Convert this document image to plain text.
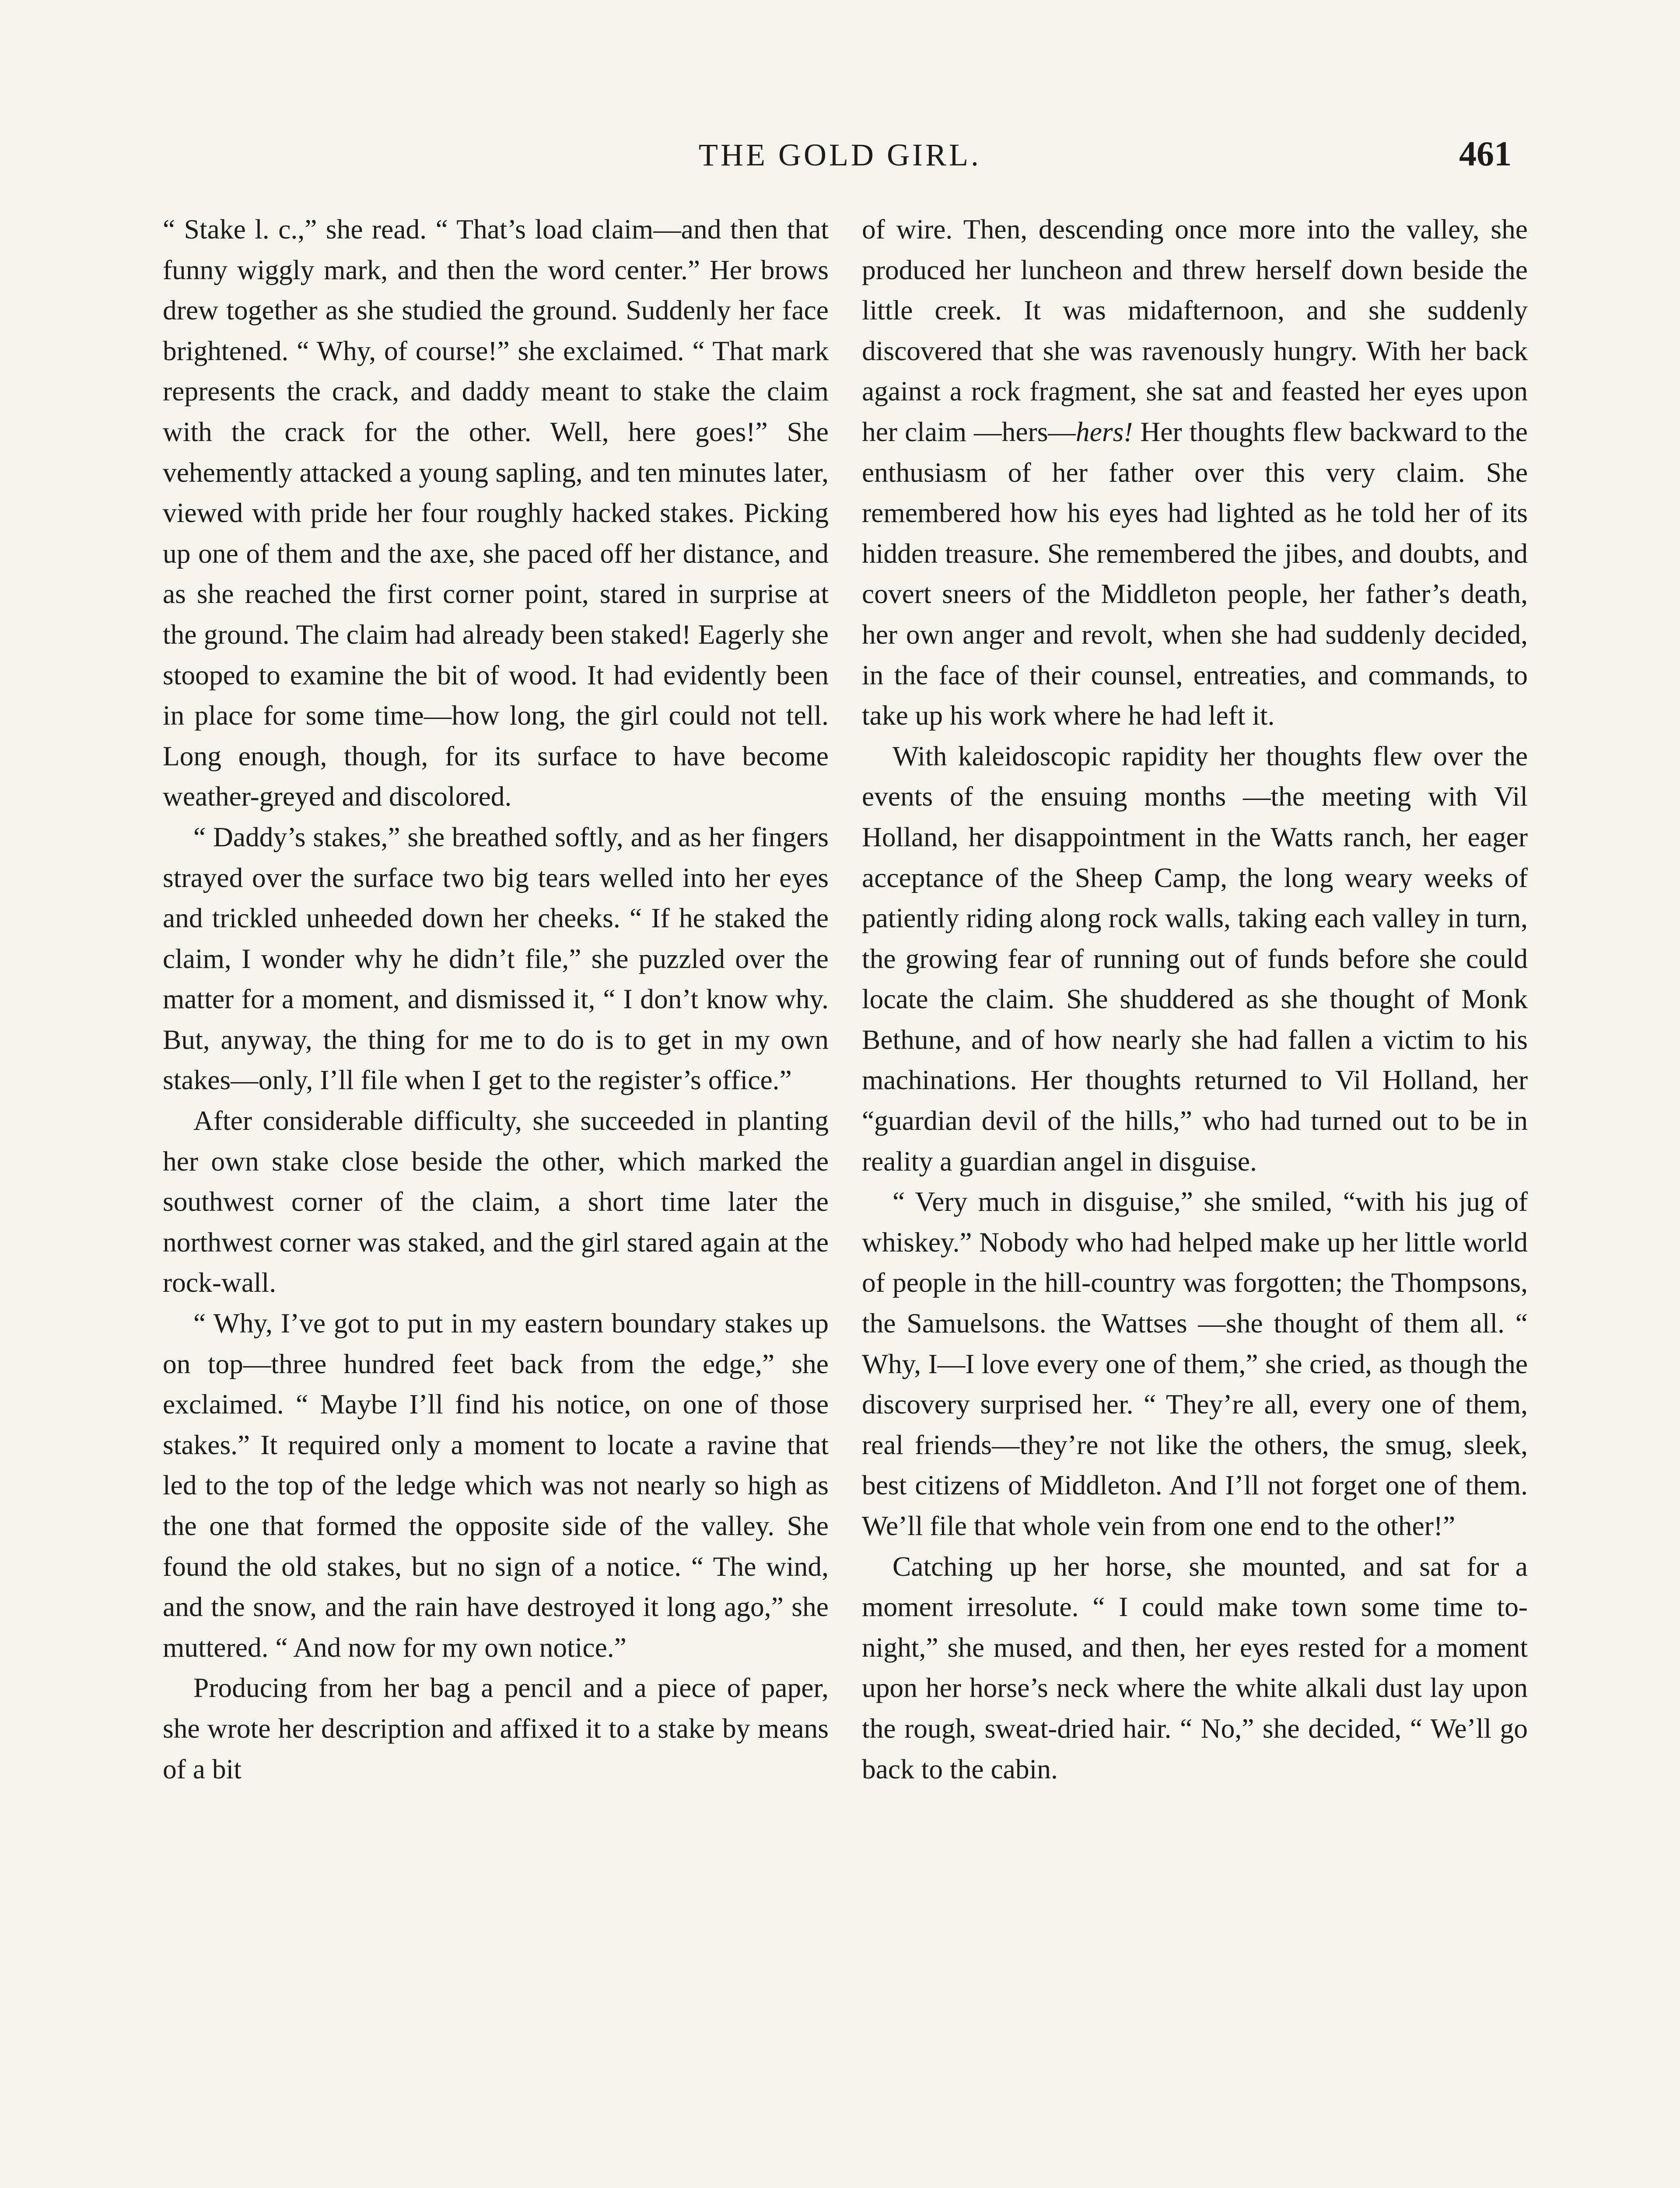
THE GOLD GIRL.	461

“ Stake l. c.,” she read. “ That’s load claim—and then that funny wiggly mark, and then the word center.” Her brows drew together as she studied the ground. Suddenly her face brightened. “ Why, of course!” she exclaimed. “ That mark represents the crack, and daddy meant to stake the claim with the crack for the other. Well, here goes!” She vehemently attacked a young sapling, and ten minutes later, viewed with pride her four roughly hacked stakes. Picking up one of them and the axe, she paced off her distance, and as she reached the first corner point, stared in surprise at the ground. The claim had already been staked! Eagerly she stooped to examine the bit of wood. It had evidently been in place for some time—how long, the girl could not tell. Long enough, though, for its surface to have become weather-greyed and discolored.

“ Daddy’s stakes,” she breathed softly, and as her fingers strayed over the surface two big tears welled into her eyes and trickled unheeded down her cheeks. “ If he staked the claim, I wonder why he didn’t file,” she puzzled over the matter for a moment, and dismissed it, “ I don’t know why. But, anyway, the thing for me to do is to get in my own stakes—only, I’ll file when I get to the register’s office.”

After considerable difficulty, she succeeded in planting her own stake close beside the other, which marked the southwest corner of the claim, a short time later the northwest corner was staked, and the girl stared again at the rock-wall.

“ Why, I’ve got to put in my eastern boundary stakes up on top—three hundred feet back from the edge,” she exclaimed. “ Maybe I’ll find his notice, on one of those stakes.” It required only a moment to locate a ravine that led to the top of the ledge which was not nearly so high as the one that formed the opposite side of the valley. She found the old stakes, but no sign of a notice. “ The wind, and the snow, and the rain have destroyed it long ago,” she muttered. “ And now for my own notice.”

Producing from her bag a pencil and a piece of paper, she wrote her description and affixed it to a stake by means of a bit

of wire. Then, descending once more into the valley, she produced her luncheon and threw herself down beside the little creek. It was midafternoon, and she suddenly discovered that she was ravenously hungry. With her back against a rock fragment, she sat and feasted her eyes upon her claim —hers—hers! Her thoughts flew backward to the enthusiasm of her father over this very claim. She remembered how his eyes had lighted as he told her of its hidden treasure. She remembered the jibes, and doubts, and covert sneers of the Middleton people, her father’s death, her own anger and revolt, when she had suddenly decided, in the face of their counsel, entreaties, and commands, to take up his work where he had left it.

With kaleidoscopic rapidity her thoughts flew over the events of the ensuing months —the meeting with Vil Holland, her disappointment in the Watts ranch, her eager acceptance of the Sheep Camp, the long weary weeks of patiently riding along rock walls, taking each valley in turn, the growing fear of running out of funds before she could locate the claim. She shuddered as she thought of Monk Bethune, and of how nearly she had fallen a victim to his machinations. Her thoughts returned to Vil Holland, her “guardian devil of the hills,” who had turned out to be in reality a guardian angel in disguise.

“ Very much in disguise,” she smiled, “with his jug of whiskey.” Nobody who had helped make up her little world of people in the hill-country was forgotten; the Thompsons, the Samuelsons. the Wattses —she thought of them all. “ Why, I—I love every one of them,” she cried, as though the discovery surprised her. “ They’re all, every one of them, real friends—they’re not like the others, the smug, sleek, best citizens of Middleton. And I’ll not forget one of them. We’ll file that whole vein from one end to the other!”

Catching up her horse, she mounted, and sat for a moment irresolute. “ I could make town some time to-night,” she mused, and then, her eyes rested for a moment upon her horse’s neck where the white alkali dust lay upon the rough, sweat-dried hair. “ No,” she decided, “ We’ll go back to the cabin.
